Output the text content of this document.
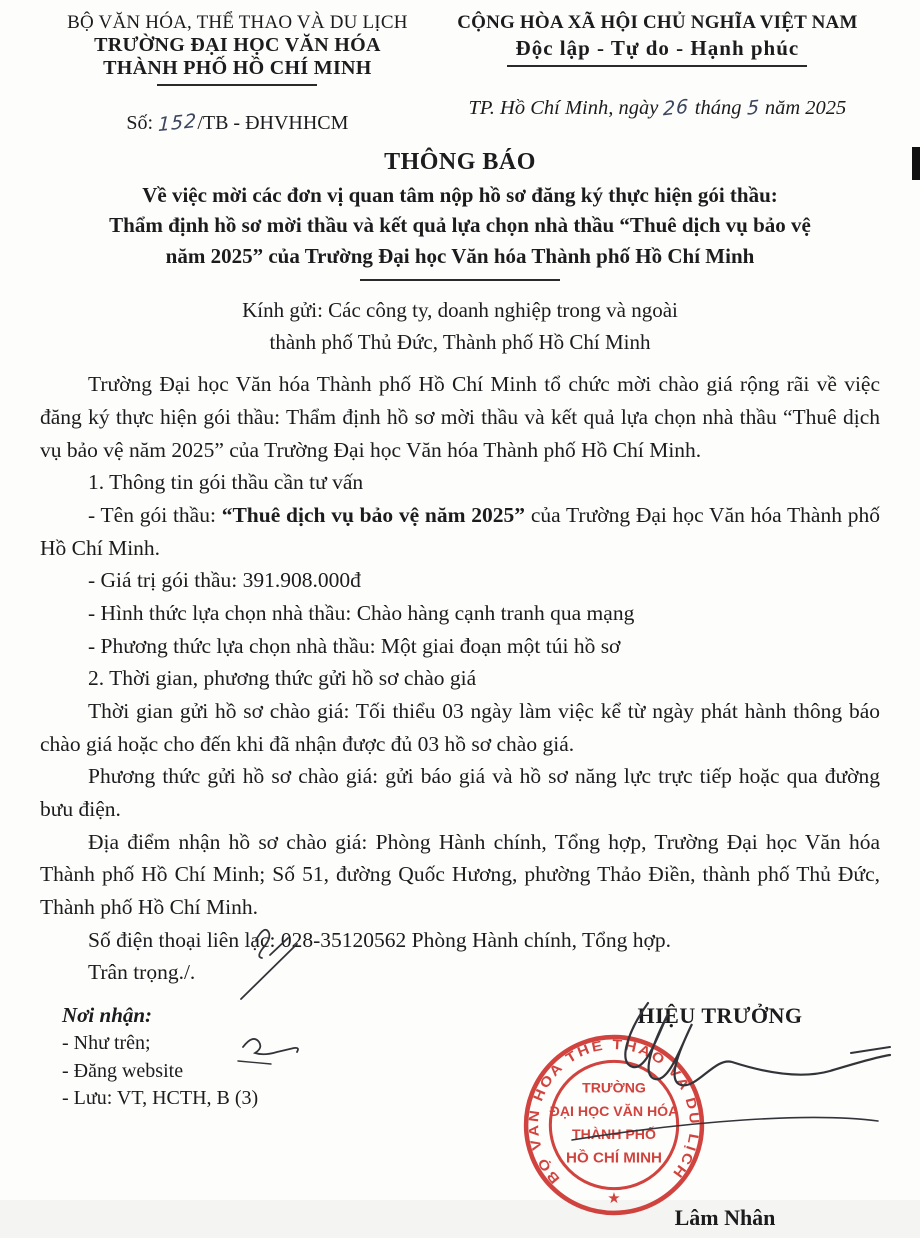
BỘ VĂN HÓA, THỂ THAO VÀ DU LỊCH
TRƯỜNG ĐẠI HỌC VĂN HÓA
THÀNH PHỐ HỒ CHÍ MINH
Số: 152/TB - ĐHVHHCM
CỘNG HÒA XÃ HỘI CHỦ NGHĨA VIỆT NAM
Độc lập - Tự do - Hạnh phúc
TP. Hồ Chí Minh, ngày 26 tháng 5 năm 2025
THÔNG BÁO
Về việc mời các đơn vị quan tâm nộp hồ sơ đăng ký thực hiện gói thầu:
Thẩm định hồ sơ mời thầu và kết quả lựa chọn nhà thầu “Thuê dịch vụ bảo vệ
năm 2025” của Trường Đại học Văn hóa Thành phố Hồ Chí Minh
Kính gửi: Các công ty, doanh nghiệp trong và ngoài
thành phố Thủ Đức, Thành phố Hồ Chí Minh

Trường Đại học Văn hóa Thành phố Hồ Chí Minh tổ chức mời chào giá rộng rãi về việc đăng ký thực hiện gói thầu: Thẩm định hồ sơ mời thầu và kết quả lựa chọn nhà thầu “Thuê dịch vụ bảo vệ năm 2025” của Trường Đại học Văn hóa Thành phố Hồ Chí Minh.

1. Thông tin gói thầu cần tư vấn

- Tên gói thầu: “Thuê dịch vụ bảo vệ năm 2025” của Trường Đại học Văn hóa Thành phố Hồ Chí Minh.

- Giá trị gói thầu: 391.908.000đ

- Hình thức lựa chọn nhà thầu: Chào hàng cạnh tranh qua mạng

- Phương thức lựa chọn nhà thầu: Một giai đoạn một túi hồ sơ

2. Thời gian, phương thức gửi hồ sơ chào giá

Thời gian gửi hồ sơ chào giá: Tối thiểu 03 ngày làm việc kể từ ngày phát hành thông báo chào giá hoặc cho đến khi đã nhận được đủ 03 hồ sơ chào giá.

Phương thức gửi hồ sơ chào giá: gửi báo giá và hồ sơ năng lực trực tiếp hoặc qua đường bưu điện.

Địa điểm nhận hồ sơ chào giá: Phòng Hành chính, Tổng hợp, Trường Đại học Văn hóa Thành phố Hồ Chí Minh; Số 51, đường Quốc Hương, phường Thảo Điền, thành phố Thủ Đức, Thành phố Hồ Chí Minh.

Số điện thoại liên lạc: 028-35120562 Phòng Hành chính, Tổng hợp.

Trân trọng./.

Nơi nhận:
- Như trên;
- Đăng website
- Lưu: VT, HCTH, B (3)
HIỆU TRƯỞNG
BỘ VĂN HÓA THỂ THAO VÀ DU LỊCH
TRƯỜNG
ĐẠI HỌC VĂN HÓA
THÀNH PHỐ
HỒ CHÍ MINH
★
Lâm Nhân
